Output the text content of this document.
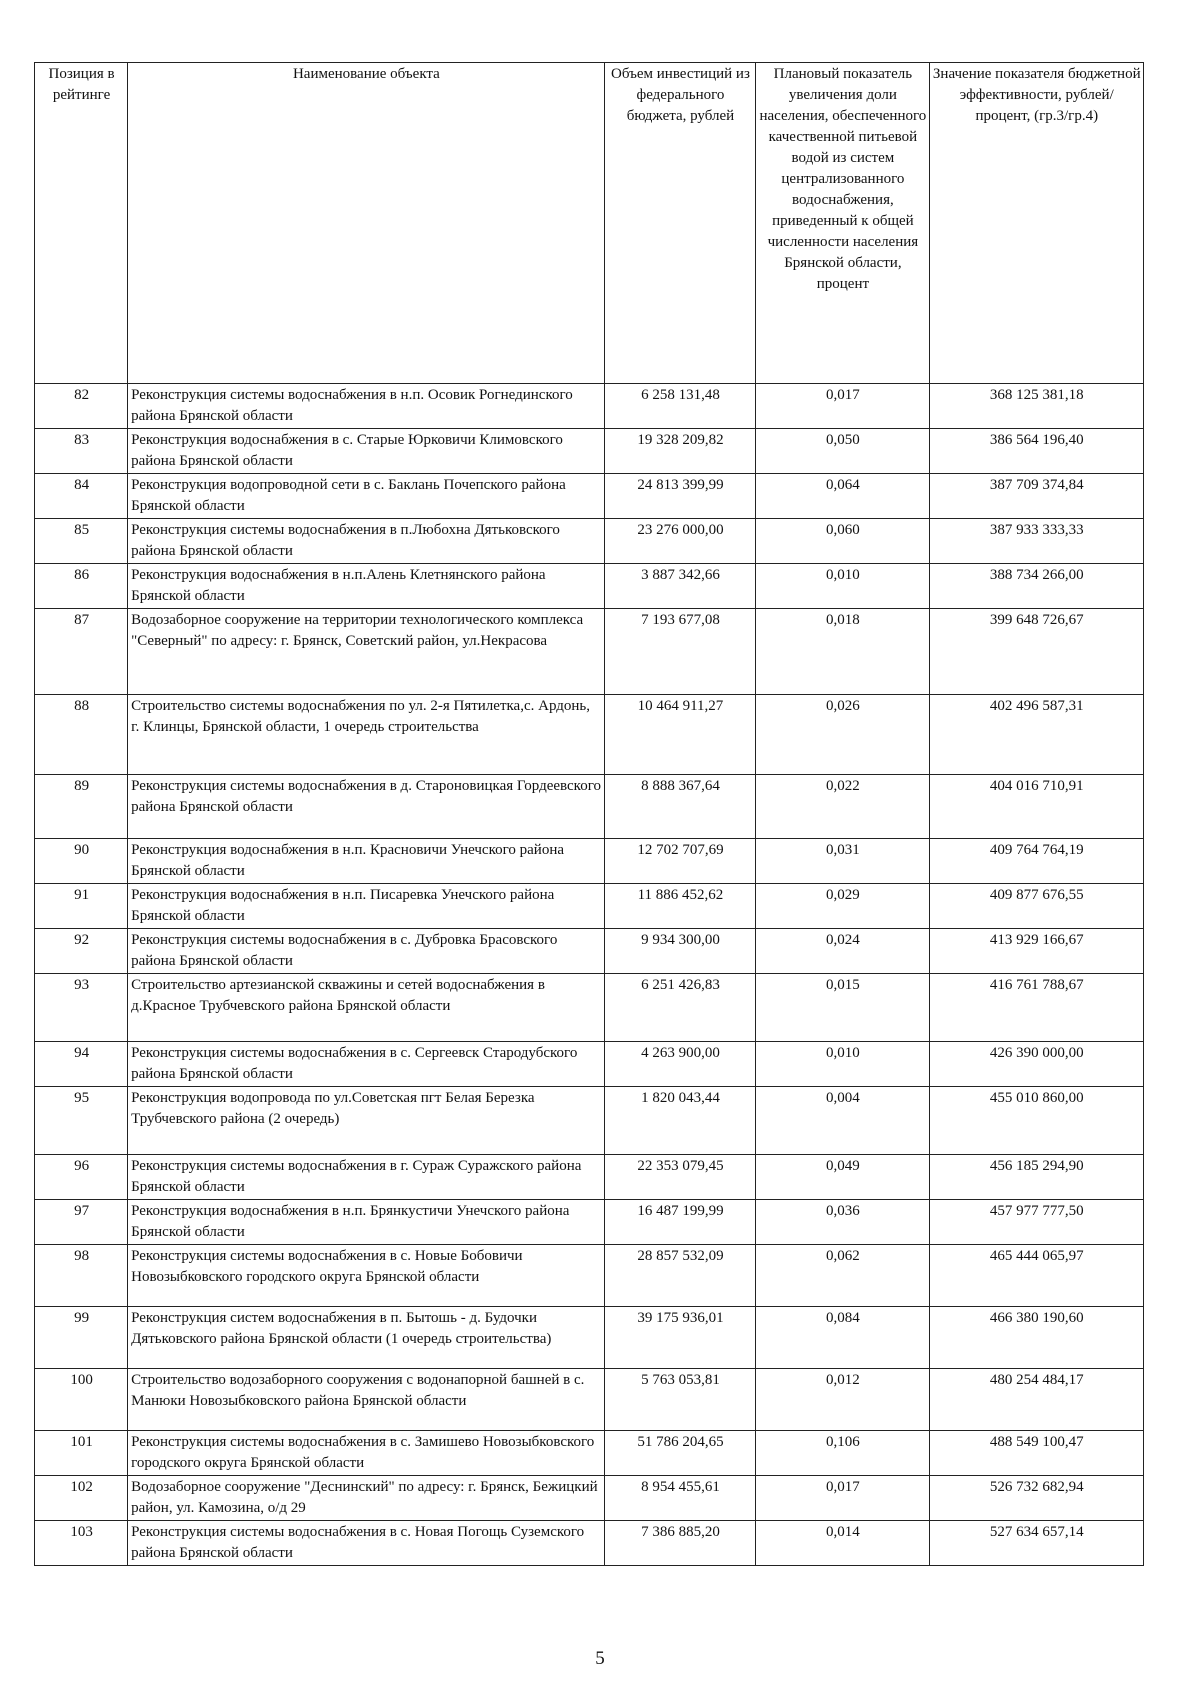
Позиция в рейтинге	Наименование объекта	Объем инвестиций из федерального бюджета, рублей	Плановый показатель увеличения доли населения, обеспеченного качественной питьевой водой из систем централизованного водоснабжения, приведенный к общей численности населения Брянской области, процент	Значение показателя бюджетной эффективности, рублей/процент, (гр.3/гр.4)
82	Реконструкция системы водоснабжения в н.п. Осовик Рогнединского района Брянской области	6 258 131,48	0,017	368 125 381,18
83	Реконструкция водоснабжения в с. Старые Юрковичи Климовского района Брянской области	19 328 209,82	0,050	386 564 196,40
84	Реконструкция водопроводной сети в с. Баклань Почепского района Брянской области	24 813 399,99	0,064	387 709 374,84
85	Реконструкция системы водоснабжения в п.Любохна Дятьковского района Брянской области	23 276 000,00	0,060	387 933 333,33
86	Реконструкция водоснабжения в н.п.Алень Клетнянского района Брянской области	3 887 342,66	0,010	388 734 266,00
87	Водозаборное сооружение на территории технологического комплекса "Северный" по адресу: г. Брянск, Советский район, ул.Некрасова	7 193 677,08	0,018	399 648 726,67
88	Строительство системы водоснабжения по ул. 2-я Пятилетка,с. Ардонь, г. Клинцы, Брянской области, 1 очередь строительства	10 464 911,27	0,026	402 496 587,31
89	Реконструкция системы водоснабжения в д. Староновицкая Гордеевского района Брянской области	8 888 367,64	0,022	404 016 710,91
90	Реконструкция водоснабжения в н.п. Красновичи Унечского района Брянской области	12 702 707,69	0,031	409 764 764,19
91	Реконструкция водоснабжения в н.п. Писаревка Унечского района Брянской области	11 886 452,62	0,029	409 877 676,55
92	Реконструкция системы водоснабжения в с. Дубровка Брасовского района Брянской области	9 934 300,00	0,024	413 929 166,67
93	Строительство артезианской скважины и сетей водоснабжения в д.Красное Трубчевского района Брянской области	6 251 426,83	0,015	416 761 788,67
94	Реконструкция системы водоснабжения в с. Сергеевск Стародубского района Брянской области	4 263 900,00	0,010	426 390 000,00
95	Реконструкция водопровода по ул.Советская пгт Белая Березка Трубчевского района (2 очередь)	1 820 043,44	0,004	455 010 860,00
96	Реконструкция системы водоснабжения в г. Сураж Суражского района Брянской области	22 353 079,45	0,049	456 185 294,90
97	Реконструкция водоснабжения в н.п. Брянкустичи Унечского района Брянской области	16 487 199,99	0,036	457 977 777,50
98	Реконструкция системы водоснабжения в с. Новые Бобовичи Новозыбковского городского округа Брянской области	28 857 532,09	0,062	465 444 065,97
99	Реконструкция систем водоснабжения в п. Бытошь - д. Будочки Дятьковского района Брянской области (1 очередь строительства)	39 175 936,01	0,084	466 380 190,60
100	Строительство водозаборного сооружения с водонапорной башней в с. Манюки Новозыбковского района Брянской области	5 763 053,81	0,012	480 254 484,17
101	Реконструкция системы водоснабжения в с. Замишево Новозыбковского городского округа Брянской области	51 786 204,65	0,106	488 549 100,47
102	Водозаборное сооружение "Деснинский" по адресу: г. Брянск, Бежицкий район, ул. Камозина, о/д 29	8 954 455,61	0,017	526 732 682,94
103	Реконструкция системы водоснабжения в с. Новая Погощь Суземского района Брянской области	7 386 885,20	0,014	527 634 657,14
5
